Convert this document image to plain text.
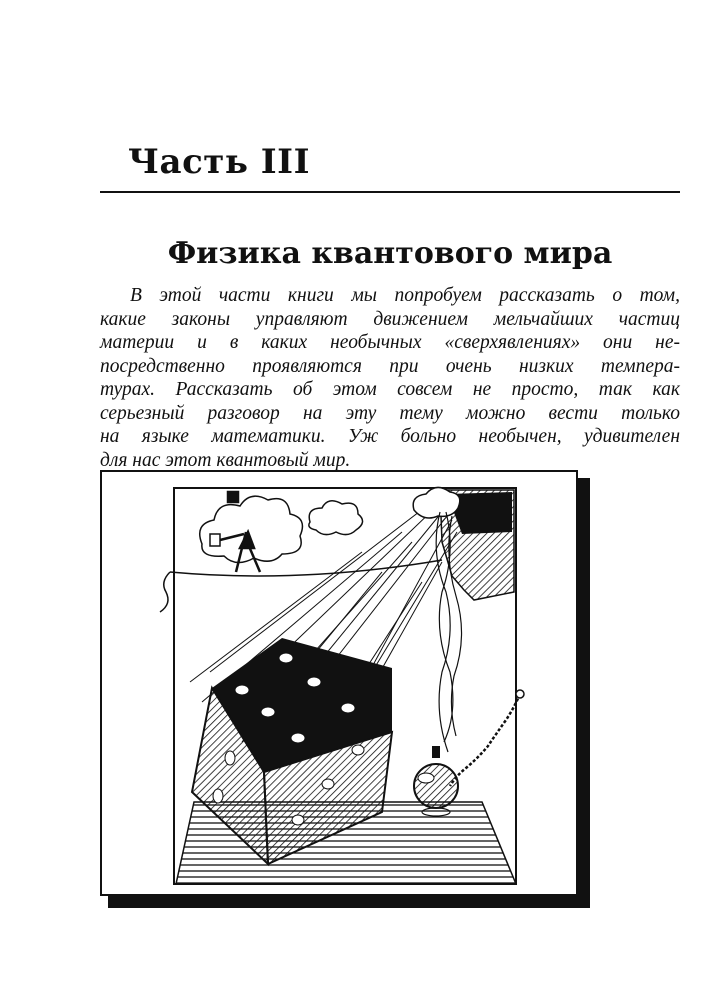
Часть III
Физика квантового мира

В этой части книги мы попробуем рассказать о том,
какие законы управляют движением мельчайших частиц
материи и в каких необычных «сверхявлениях» они не-
посредственно проявляются при очень низких темпера-
турах. Рассказать об этом совсем не просто, так как
серьезный разговор на эту тему можно вести только
на языке математики. Уж больно необычен, удивителен
для нас этот квантовый мир.
